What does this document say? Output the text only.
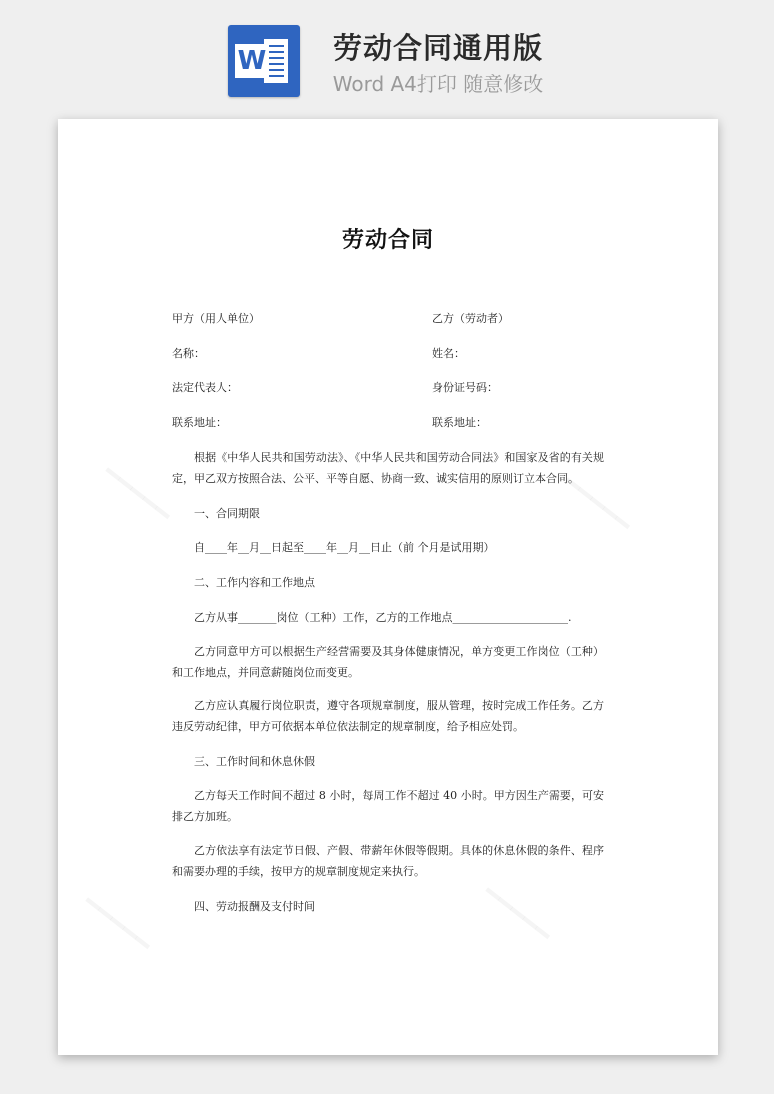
W	劳动合同通用版
Word A4打印 随意修改
━━━━━	━━━━━
━━━━━	━━━━━
劳动合同
甲方（用人单位）	乙方（劳动者）
名称：	姓名：
法定代表人：	身份证号码：
联系地址：	联系地址：
根据《中华人民共和国劳动法》、《中华人民共和国劳动合同法》和国家及省的有关规定，甲乙双方按照合法、公平、平等自愿、协商一致、诚实信用的原则订立本合同。
一、合同期限
自____年__月__日起至____年__月__日止（前 个月是试用期）
二、工作内容和工作地点
乙方从事_______岗位（工种）工作，乙方的工作地点_____________________.
乙方同意甲方可以根据生产经营需要及其身体健康情况，单方变更工作岗位（工种）和工作地点，并同意薪随岗位而变更。
乙方应认真履行岗位职责，遵守各项规章制度，服从管理，按时完成工作任务。乙方违反劳动纪律，甲方可依据本单位依法制定的规章制度，给予相应处罚。
三、工作时间和休息休假
乙方每天工作时间不超过 8 小时，每周工作不超过 40 小时。甲方因生产需要，可安排乙方加班。
乙方依法享有法定节日假、产假、带薪年休假等假期。具体的休息休假的条件、程序和需要办理的手续，按甲方的规章制度规定来执行。
四、劳动报酬及支付时间
